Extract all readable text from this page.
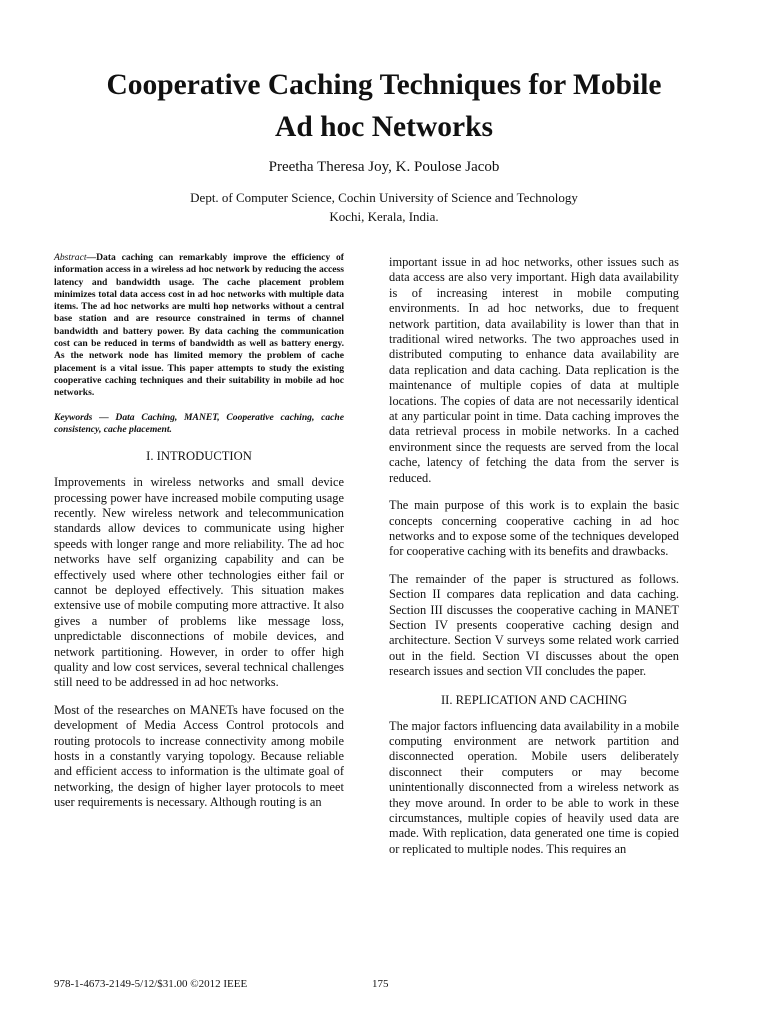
Cooperative Caching Techniques for Mobile
Ad hoc Networks
Preetha Theresa Joy, K. Poulose Jacob
Dept. of Computer Science, Cochin University of Science and Technology
Kochi, Kerala, India.

Abstract—Data caching can remarkably improve the efficiency of information access in a wireless ad hoc network by reducing the access latency and bandwidth usage. The cache placement problem minimizes total data access cost in ad hoc networks with multiple data items. The ad hoc networks are multi hop networks without a central base station and are resource constrained in terms of channel bandwidth and battery power. By data caching the communication cost can be reduced in terms of bandwidth as well as battery energy. As the network node has limited memory the problem of cache placement is a vital issue. This paper attempts to study the existing cooperative caching techniques and their suitability in mobile ad hoc networks.

Keywords — Data Caching, MANET, Cooperative caching, cache consistency, cache placement.

I. INTRODUCTION

Improvements in wireless networks and small device processing power have increased mobile computing usage recently. New wireless network and telecommunication standards allow devices to communicate using higher speeds with longer range and more reliability. The ad hoc networks have self organizing capability and can be effectively used where other technologies either fail or cannot be deployed effectively. This situation makes extensive use of mobile computing more attractive. It also gives a number of problems like message loss, unpredictable disconnections of mobile devices, and network partitioning. However, in order to offer high quality and low cost services, several technical challenges still need to be addressed in ad hoc networks.

Most of the researches on MANETs have focused on the development of Media Access Control protocols and routing protocols to increase connectivity among mobile hosts in a constantly varying topology. Because reliable and efficient access to information is the ultimate goal of networking, the design of higher layer protocols to meet user requirements is necessary. Although routing is an

important issue in ad hoc networks, other issues such as data access are also very important. High data availability is of increasing interest in mobile computing environments. In ad hoc networks, due to frequent network partition, data availability is lower than that in traditional wired networks. The two approaches used in distributed computing to enhance data availability are data replication and data caching. Data replication is the maintenance of multiple copies of data at multiple locations. The copies of data are not necessarily identical at any particular point in time. Data caching improves the data retrieval process in mobile networks. In a cached environment since the requests are served from the local cache, latency of fetching the data from the server is reduced.

The main purpose of this work is to explain the basic concepts concerning cooperative caching in ad hoc networks and to expose some of the techniques developed for cooperative caching with its benefits and drawbacks.

The remainder of the paper is structured as follows. Section II compares data replication and data caching. Section III discusses the cooperative caching in MANET Section IV presents cooperative caching design and architecture. Section V surveys some related work carried out in the field. Section VI discusses about the open research issues and section VII concludes the paper.

II. REPLICATION AND CACHING

The major factors influencing data availability in a mobile computing environment are network partition and disconnected operation. Mobile users deliberately disconnect their computers or may become unintentionally disconnected from a wireless network as they move around. In order to be able to work in these circumstances, multiple copies of heavily used data are made. With replication, data generated one time is copied or replicated to multiple nodes. This requires an

978-1-4673-2149-5/12/$31.00 ©2012 IEEE	175
